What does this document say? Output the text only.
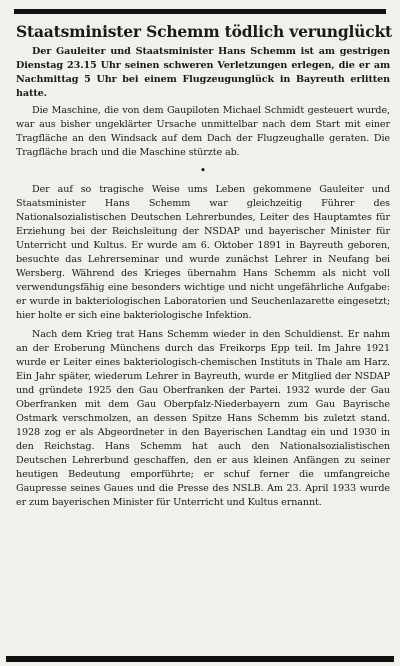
Staatsminister Schemm tödlich verunglückt

Der Gauleiter und Staatsminister Hans Schemm ist am gestrigen Dienstag 23.15 Uhr seinen schweren Verletzungen erlegen, die er am Nachmittag 5 Uhr bei einem Flugzeugunglück in Bayreuth erlitten hatte.

Die Maschine, die von dem Gaupiloten Michael Schmidt gesteuert wurde, war aus bisher ungeklärter Ursache unmittelbar nach dem Start mit einer Tragfläche an den Windsack auf dem Dach der Flugzeughalle geraten. Die Tragfläche brach und die Maschine stürzte ab.

•

Der auf so tragische Weise ums Leben gekommene Gauleiter und Staatsminister Hans Schemm war gleichzeitig Führer des Nationalsozialistischen Deutschen Lehrerbundes, Leiter des Hauptamtes für Erziehung bei der Reichsleitung der NSDAP und bayerischer Minister für Unterricht und Kultus. Er wurde am 6. Oktober 1891 in Bayreuth geboren, besuchte das Lehrerseminar und wurde zunächst Lehrer in Neufang bei Wersberg. Während des Krieges übernahm Hans Schemm als nicht voll verwendungsfähig eine besonders wichtige und nicht ungefährliche Aufgabe: er wurde in bakteriologischen Laboratorien und Seuchenlazarette eingesetzt; hier holte er sich eine bakteriologische Infektion.

Nach dem Krieg trat Hans Schemm wieder in den Schuldienst. Er nahm an der Eroberung Münchens durch das Freikorps Epp teil. Im Jahre 1921 wurde er Leiter eines bakteriologisch-chemischen Instituts in Thale am Harz. Ein Jahr später, wiederum Lehrer in Bayreuth, wurde er Mitglied der NSDAP und gründete 1925 den Gau Oberfranken der Partei. 1932 wurde der Gau Oberfranken mit dem Gau Oberpfalz-Niederbayern zum Gau Bayrische Ostmark verschmolzen, an dessen Spitze Hans Schemm bis zuletzt stand. 1928 zog er als Abgeordneter in den Bayerischen Landtag ein und 1930 in den Reichstag. Hans Schemm hat auch den Nationalsozialistischen Deutschen Lehrerbund geschaffen, den er aus kleinen Anfängen zu seiner heutigen Bedeutung emporführte; er schuf ferner die umfangreiche Gaupresse seines Gaues und die Presse des NSLB. Am 23. April 1933 wurde er zum bayerischen Minister für Unterricht und Kultus ernannt.
